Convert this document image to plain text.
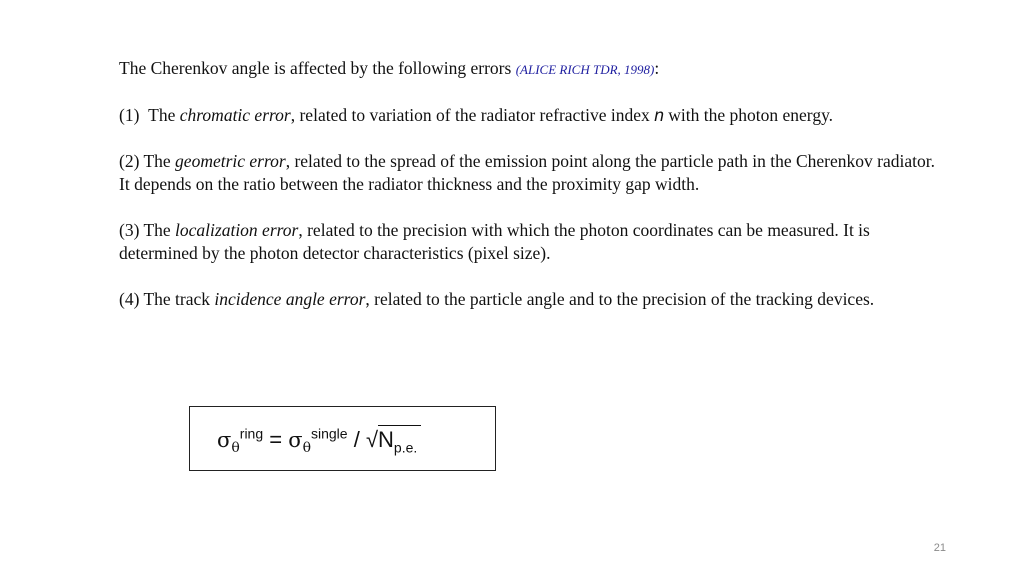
The Cherenkov angle is affected by the following errors (ALICE RICH TDR, 1998):

(1) The chromatic error, related to variation of the radiator refractive index n with the photon energy.

(2) The geometric error, related to the spread of the emission point along the particle path in the Cherenkov radiator. It depends on the ratio between the radiator thickness and the proximity gap width.

(3) The localization error, related to the precision with which the photon coordinates can be measured. It is determined by the photon detector characteristics (pixel size).

(4) The track incidence angle error, related to the particle angle and to the precision of the tracking devices.

$\sigma_\theta^{ring} = \sigma_\theta^{single} / √N_{p.e.}$
21
